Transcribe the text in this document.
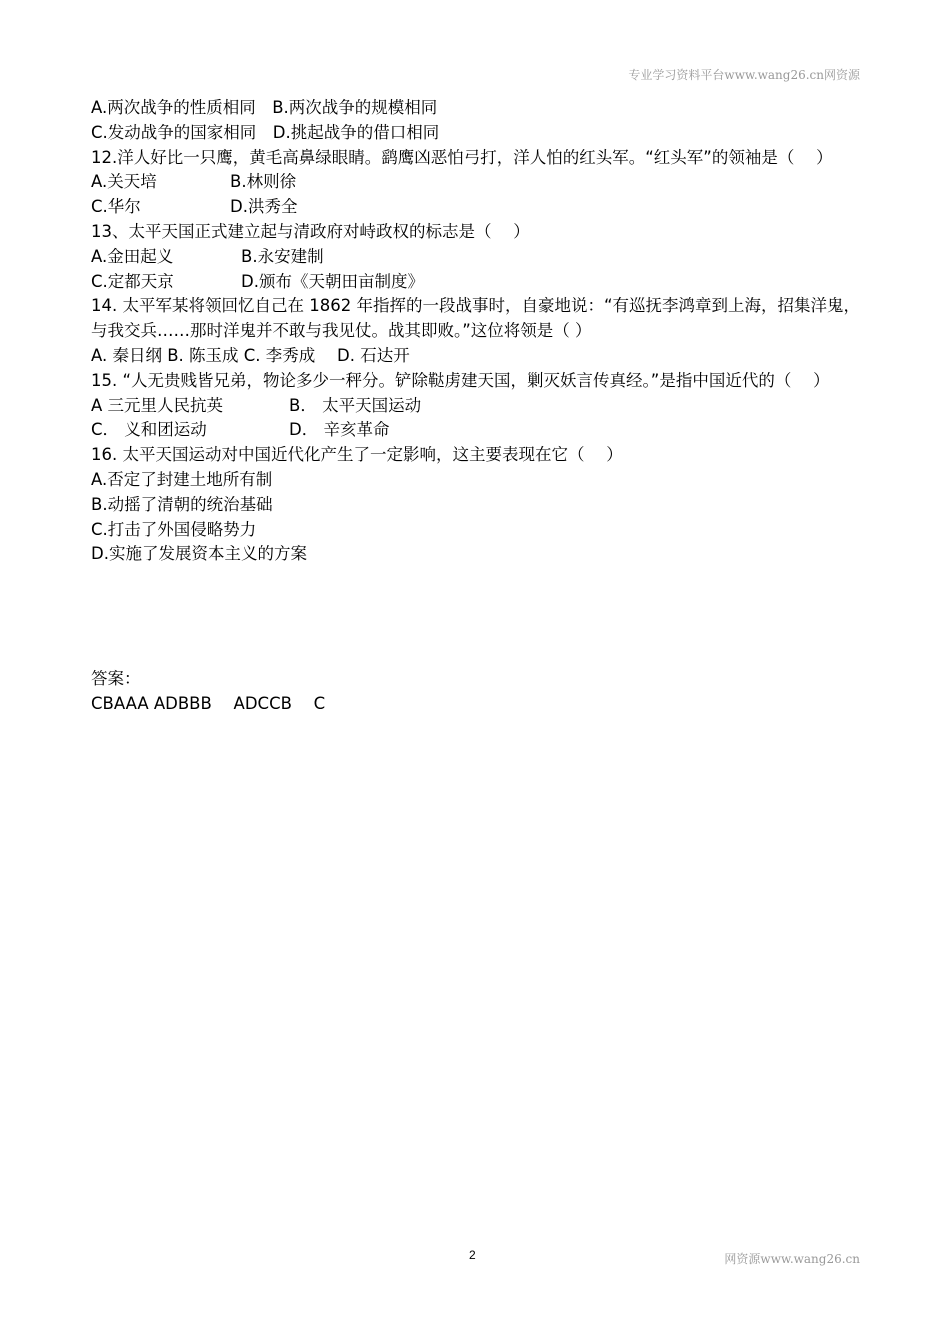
专业学习资料平台www.wang26.cn网资源
A.两次战争的性质相同　B.两次战争的规模相同
C.发动战争的国家相同　D.挑起战争的借口相同
12.洋人好比一只鹰，黄毛高鼻绿眼睛。鹞鹰凶恶怕弓打，洋人怕的红头军。“红头军”的领袖是（　 ）
A.关天培	B.林则徐
C.华尔	D.洪秀全
13、太平天国正式建立起与清政府对峙政权的标志是（　 ）
A.金田起义	B.永安建制
C.定都天京	D.颁布《天朝田亩制度》
14. 太平军某将领回忆自己在 1862 年指挥的一段战事时，自豪地说：“有巡抚李鸿章到上海，招集洋鬼，与我交兵……那时洋鬼并不敢与我见仗。战其即败。”这位将领是（ ）
A. 秦日纲 B. 陈玉成 C. 李秀成　 D. 石达开
15. “人无贵贱皆兄弟，物论多少一秤分。铲除鞑虏建天国，剿灭妖言传真经。”是指中国近代的（　 ）
A 三元里人民抗英	B． 太平天国运动
C． 义和团运动	D． 辛亥革命
16. 太平天国运动对中国近代化产生了一定影响，这主要表现在它（　 ）
A.否定了封建土地所有制
B.动摇了清朝的统治基础
C.打击了外国侵略势力
D.实施了发展资本主义的方案
答案：
CBAAA ADBBB 　ADCCB 　C
2	网资源www.wang26.cn
